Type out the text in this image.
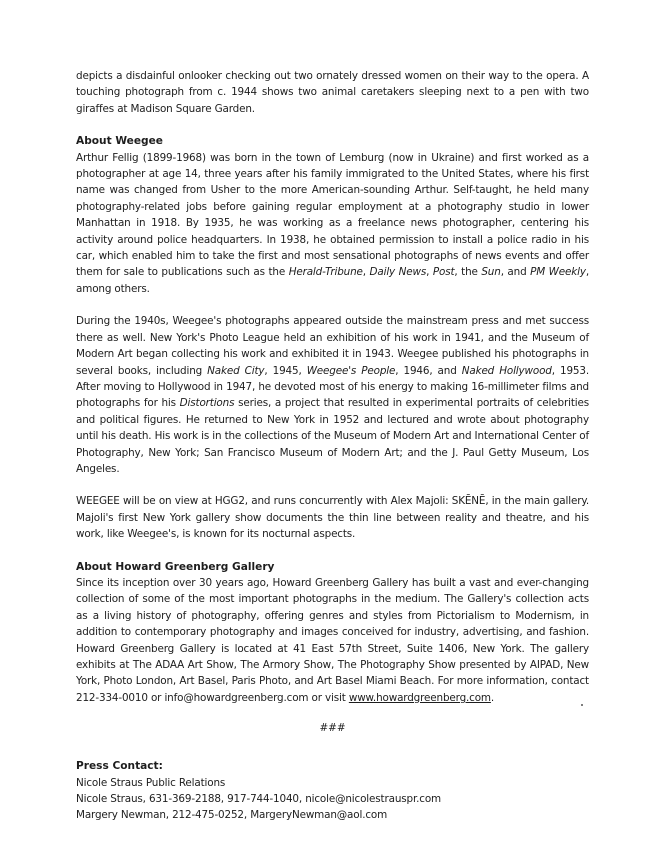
depicts a disdainful onlooker checking out two ornately dressed women on their way to the opera. A touching photograph from c. 1944 shows two animal caretakers sleeping next to a pen with two giraffes at Madison Square Garden.

About Weegee

Arthur Fellig (1899-1968) was born in the town of Lemburg (now in Ukraine) and first worked as a photographer at age 14, three years after his family immigrated to the United States, where his first name was changed from Usher to the more American-sounding Arthur. Self-taught, he held many photography-related jobs before gaining regular employment at a photography studio in lower Manhattan in 1918. By 1935, he was working as a freelance news photographer, centering his activity around police headquarters. In 1938, he obtained permission to install a police radio in his car, which enabled him to take the first and most sensational photographs of news events and offer them for sale to publications such as the Herald-Tribune, Daily News, Post, the Sun, and PM Weekly, among others.

During the 1940s, Weegee's photographs appeared outside the mainstream press and met success there as well. New York's Photo League held an exhibition of his work in 1941, and the Museum of Modern Art began collecting his work and exhibited it in 1943. Weegee published his photographs in several books, including Naked City, 1945, Weegee's People, 1946, and Naked Hollywood, 1953. After moving to Hollywood in 1947, he devoted most of his energy to making 16-millimeter films and photographs for his Distortions series, a project that resulted in experimental portraits of celebrities and political figures. He returned to New York in 1952 and lectured and wrote about photography until his death. His work is in the collections of the Museum of Modern Art and International Center of Photography, New York; San Francisco Museum of Modern Art; and the J. Paul Getty Museum, Los Angeles.

WEEGEE will be on view at HGG2, and runs concurrently with Alex Majoli: SKĒNĒ, in the main gallery. Majoli's first New York gallery show documents the thin line between reality and theatre, and his work, like Weegee's, is known for its nocturnal aspects.

About Howard Greenberg Gallery

Since its inception over 30 years ago, Howard Greenberg Gallery has built a vast and ever-changing collection of some of the most important photographs in the medium. The Gallery's collection acts as a living history of photography, offering genres and styles from Pictorialism to Modernism, in addition to contemporary photography and images conceived for industry, advertising, and fashion. Howard Greenberg Gallery is located at 41 East 57th Street, Suite 1406, New York. The gallery exhibits at The ADAA Art Show, The Armory Show, The Photography Show presented by AIPAD, New York, Photo London, Art Basel, Paris Photo, and Art Basel Miami Beach. For more information, contact 212-334-0010 or info@howardgreenberg.com or visit www.howardgreenberg.com.

###
Press Contact:
Nicole Straus Public Relations
Nicole Straus, 631-369-2188, 917-744-1040, nicole@nicolestrauspr.com
Margery Newman, 212-475-0252, MargeryNewman@aol.com
